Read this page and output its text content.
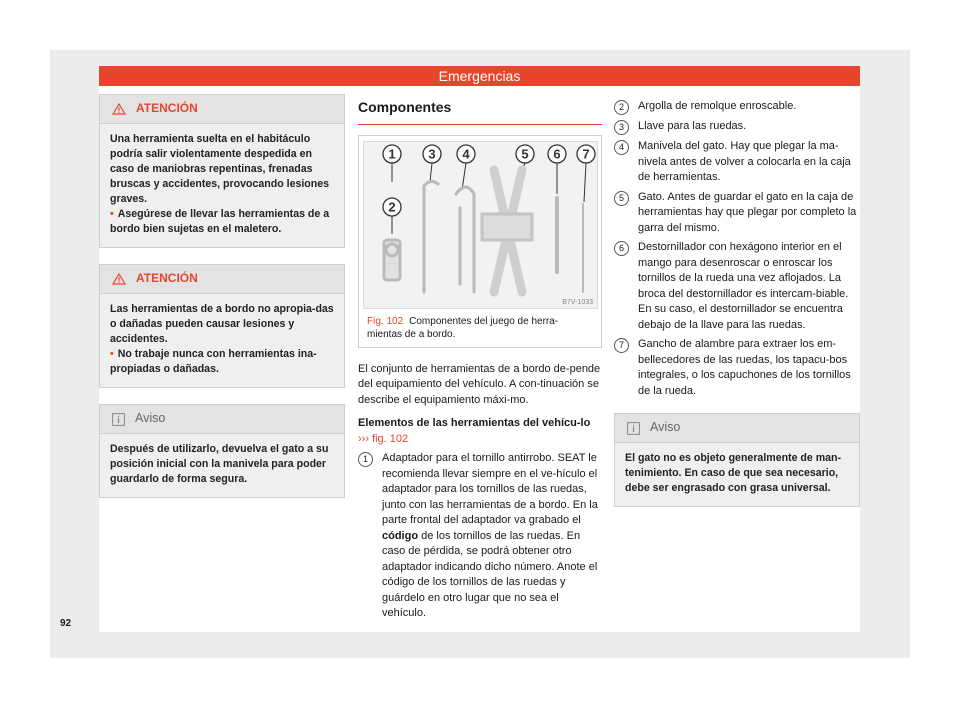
Emergencias
ATENCIÓN

Una herramienta suelta en el habitáculo podría salir violentamente despedida en caso de maniobras repentinas, frenadas bruscas y accidentes, provocando lesiones graves.

• Asegúrese de llevar las herramientas de a bordo bien sujetas en el maletero.

ATENCIÓN

Las herramientas de a bordo no apropia-das o dañadas pueden causar lesiones y accidentes.

• No trabaje nunca con herramientas ina-propiadas o dañadas.

Aviso
Después de utilizarlo, devuelva el gato a su posición inicial con la manivela para poder guardarlo de forma segura.
Componentes
1
2
3 4	5 6 7
B7V-1033
Fig. 102 Componentes del juego de herra-mientas de a bordo.

El conjunto de herramientas de a bordo de-pende del equipamiento del vehículo. A con-tinuación se describe el equipamiento máxi-mo.

Elementos de las herramientas del vehícu-lo ››› fig. 102

1	Adaptador para el tornillo antirrobo. SEAT le recomienda llevar siempre en el ve-hículo el adaptador para los tornillos de las ruedas, junto con las herramientas de a bordo. En la parte frontal del adaptador va grabado el código de los tornillos de las ruedas. En caso de pérdida, se podrá obtener otro adaptador indicando dicho número. Anote el código de los tornillos de las ruedas y guárdelo en otro lugar que no sea el vehículo.

2	Argolla de remolque enroscable.

3	Llave para las ruedas.

4	Manivela del gato. Hay que plegar la ma-nivela antes de volver a colocarla en la caja de herramientas.

5	Gato. Antes de guardar el gato en la caja de herramientas hay que plegar por completo la garra del mismo.

6	Destornillador con hexágono interior en el mango para desenroscar o enroscar los tornillos de la rueda una vez aflojados. La broca del destornillador es intercam-biable. En su caso, el destornillador se encuentra debajo de la llave para las ruedas.

7	Gancho de alambre para extraer los em-bellecedores de las ruedas, los tapacu-bos integrales, o los capuchones de los tornillos de la rueda.

Aviso
El gato no es objeto generalmente de man-tenimiento. En caso de que sea necesario, debe ser engrasado con grasa universal.
92
